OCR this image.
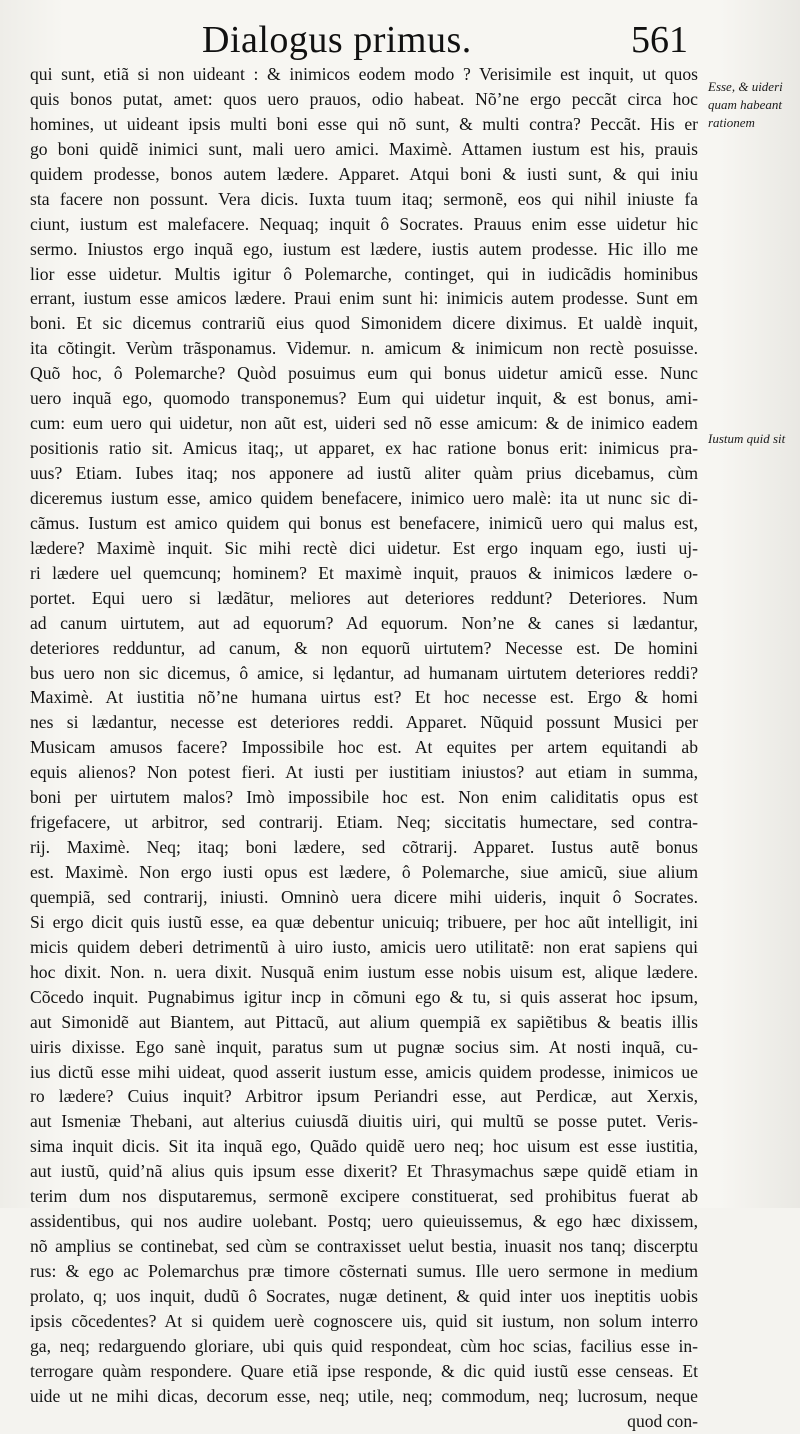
Dialogus primus.	561
qui sunt, etiã si non uideant : & inimicos eodem modo ? Verisimile est inquit, ut quos
quis bonos putat, amet: quos uero prauos, odio habeat. Nõ’ne ergo peccãt circa hoc
homines, ut uideant ipsis multi boni esse qui nõ sunt, & multi contra? Peccãt. His er
go boni quidẽ inimici sunt, mali uero amici. Maximè. Attamen iustum est his, prauis
quidem prodesse, bonos autem lædere. Apparet. Atqui boni & iusti sunt, & qui iniu
sta facere non possunt. Vera dicis. Iuxta tuum itaq; sermonẽ, eos qui nihil iniuste fa
ciunt, iustum est malefacere. Nequaq; inquit ô Socrates. Prauus enim esse uidetur hic
sermo. Iniustos ergo inquã ego, iustum est lædere, iustis autem prodesse. Hic illo me
lior esse uidetur. Multis igitur ô Polemarche, continget, qui in iudicãdis hominibus
errant, iustum esse amicos lædere. Praui enim sunt hi: inimicis autem prodesse. Sunt em
boni. Et sic dicemus contrariũ eius quod Simonidem dicere diximus. Et ualdè inquit,
ita cõtingit. Verùm trãsponamus. Videmur. n. amicum & inimicum non rectè posuisse.
Quõ hoc, ô Polemarche? Quòd posuimus eum qui bonus uidetur amicũ esse. Nunc
uero inquã ego, quomodo transponemus? Eum qui uidetur inquit, & est bonus, ami-
cum: eum uero qui uidetur, non aũt est, uideri sed nõ esse amicum: & de inimico eadem
positionis ratio sit. Amicus itaq;, ut apparet, ex hac ratione bonus erit: inimicus pra-
uus? Etiam. Iubes itaq; nos apponere ad iustũ aliter quàm prius dicebamus, cùm
diceremus iustum esse, amico quidem benefacere, inimico uero malè: ita ut nunc sic di-
cãmus. Iustum est amico quidem qui bonus est benefacere, inimicũ uero qui malus est,
lædere? Maximè inquit. Sic mihi rectè dici uidetur. Est ergo inquam ego, iusti uj-
ri lædere uel quemcunq; hominem? Et maximè inquit, prauos & inimicos lædere o-
portet. Equi uero si lædãtur, meliores aut deteriores reddunt? Deteriores. Num
ad canum uirtutem, aut ad equorum? Ad equorum. Non’ne & canes si lædantur,
deteriores redduntur, ad canum, & non equorũ uirtutem? Necesse est. De homini
bus uero non sic dicemus, ô amice, si lędantur, ad humanam uirtutem deteriores reddi?
Maximè. At iustitia nõ’ne humana uirtus est? Et hoc necesse est. Ergo & homi
nes si lædantur, necesse est deteriores reddi. Apparet. Nũquid possunt Musici per
Musicam amusos facere? Impossibile hoc est. At equites per artem equitandi ab
equis alienos? Non potest fieri. At iusti per iustitiam iniustos? aut etiam in summa,
boni per uirtutem malos? Imò impossibile hoc est. Non enim caliditatis opus est
frigefacere, ut arbitror, sed contrarij. Etiam. Neq; siccitatis humectare, sed contra-
rij. Maximè. Neq; itaq; boni lædere, sed cõtrarij. Apparet. Iustus autẽ bonus
est. Maximè. Non ergo iusti opus est lædere, ô Polemarche, siue amicũ, siue alium
quempiã, sed contrarij, iniusti. Omninò uera dicere mihi uideris, inquit ô Socrates.
Si ergo dicit quis iustũ esse, ea quæ debentur unicuiq; tribuere, per hoc aũt intelligit, ini
micis quidem deberi detrimentũ à uiro iusto, amicis uero utilitatẽ: non erat sapiens qui
hoc dixit. Non. n. uera dixit. Nusquã enim iustum esse nobis uisum est, alique lædere.
Cõcedo inquit. Pugnabimus igitur incp in cõmuni ego & tu, si quis asserat hoc ipsum,
aut Simonidẽ aut Biantem, aut Pittacũ, aut alium quempiã ex sapiẽtibus & beatis illis
uiris dixisse. Ego sanè inquit, paratus sum ut pugnæ socius sim. At nosti inquã, cu-
ius dictũ esse mihi uideat, quod asserit iustum esse, amicis quidem prodesse, inimicos ue
ro lædere? Cuius inquit? Arbitror ipsum Periandri esse, aut Perdicæ, aut Xerxis,
aut Ismeniæ Thebani, aut alterius cuiusdã diuitis uiri, qui multũ se posse putet. Veris-
sima inquit dicis. Sit ita inquã ego, Quãdo quidẽ uero neq; hoc uisum est esse iustitia,
aut iustũ, quid’nã alius quis ipsum esse dixerit? Et Thrasymachus sæpe quidẽ etiam in
terim dum nos disputaremus, sermonẽ excipere constituerat, sed prohibitus fuerat ab
assidentibus, qui nos audire uolebant. Postq; uero quieuissemus, & ego hæc dixissem,
nõ amplius se continebat, sed cùm se contraxisset uelut bestia, inuasit nos tanq; discerptu
rus: & ego ac Polemarchus præ timore cõsternati sumus. Ille uero sermone in medium
prolato, q; uos inquit, dudũ ô Socrates, nugæ detinent, & quid inter uos ineptitis uobis
ipsis cõcedentes? At si quidem uerè cognoscere uis, quid sit iustum, non solum interro
ga, neq; redarguendo gloriare, ubi quis quid respondeat, cùm hoc scias, facilius esse in-
terrogare quàm respondere. Quare etiã ipse responde, & dic quid iustũ esse censeas. Et
uide ut ne mihi dicas, decorum esse, neq; utile, neq; commodum, neq; lucrosum, neque
quod con-
Esse, & uideri
quam habeant
rationem
Iustum quid sit
